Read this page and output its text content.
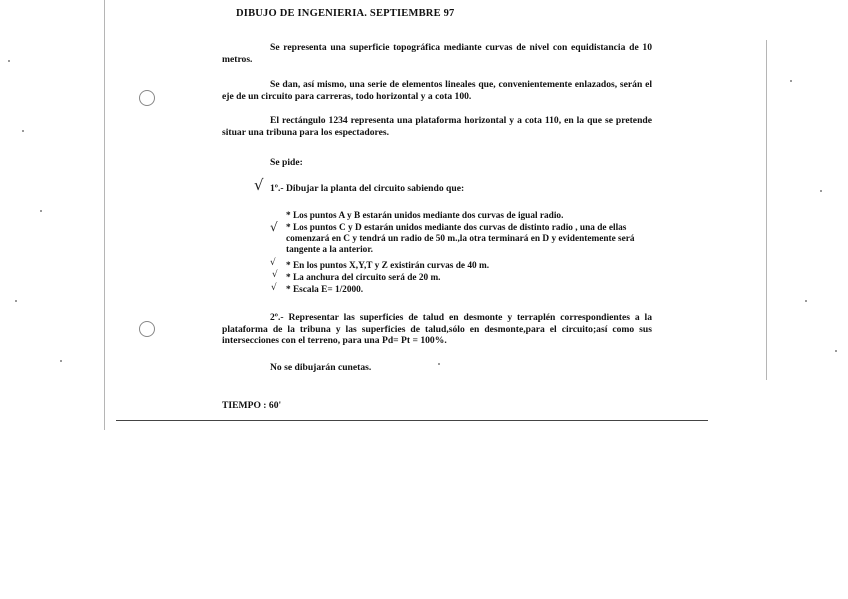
DIBUJO DE INGENIERIA. SEPTIEMBRE 97

Se representa una superficie topográfica mediante curvas de nivel con equidistancia de 10 metros.

Se dan, así mismo, una serie de elementos lineales que, convenientemente enlazados, serán el eje de un circuito para carreras, todo horizontal y a cota 100.

El rectángulo 1234 representa una plataforma horizontal y a cota 110, en la que se pretende situar una tribuna para los espectadores.

Se pide:
√ 1º.- Dibujar la planta del circuito sabiendo que:
√
√
√
√
* Los puntos A y B estarán unidos mediante dos curvas de igual radio.
* Los puntos C y D estarán unidos mediante dos curvas de distinto radio , una de ellas comenzará en C y tendrá un radio de 50 m.,la otra terminará en D y evidentemente será tangente a la anterior.
* En los puntos X,Y,T y Z existirán curvas de 40 m.
* La anchura del circuito será de 20 m.
* Escala E= 1/2000.

2º.- Representar las superficies de talud en desmonte y terraplén correspondientes a la plataforma de la tribuna y las superficies de talud,sólo en desmonte,para el circuito;así como sus intersecciones con el terreno, para una Pd= Pt = 100%.

No se dibujarán cunetas.
TIEMPO : 60'
